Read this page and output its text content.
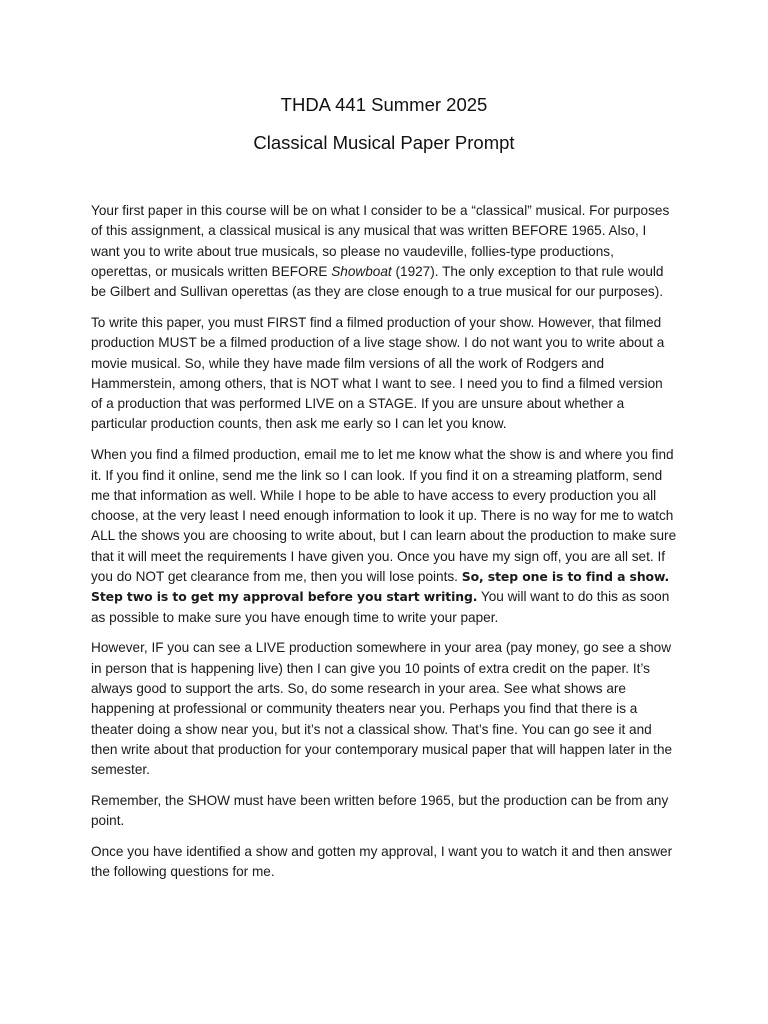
THDA 441 Summer 2025
Classical Musical Paper Prompt

Your first paper in this course will be on what I consider to be a “classical” musical. For purposes of this assignment, a classical musical is any musical that was written BEFORE 1965. Also, I want you to write about true musicals, so please no vaudeville, follies-type productions, operettas, or musicals written BEFORE Showboat (1927). The only exception to that rule would be Gilbert and Sullivan operettas (as they are close enough to a true musical for our purposes).

To write this paper, you must FIRST find a filmed production of your show. However, that filmed production MUST be a filmed production of a live stage show. I do not want you to write about a movie musical. So, while they have made film versions of all the work of Rodgers and Hammerstein, among others, that is NOT what I want to see. I need you to find a filmed version of a production that was performed LIVE on a STAGE. If you are unsure about whether a particular production counts, then ask me early so I can let you know.

When you find a filmed production, email me to let me know what the show is and where you find it. If you find it online, send me the link so I can look. If you find it on a streaming platform, send me that information as well. While I hope to be able to have access to every production you all choose, at the very least I need enough information to look it up. There is no way for me to watch ALL the shows you are choosing to write about, but I can learn about the production to make sure that it will meet the requirements I have given you. Once you have my sign off, you are all set. If you do NOT get clearance from me, then you will lose points. So, step one is to find a show. Step two is to get my approval before you start writing. You will want to do this as soon as possible to make sure you have enough time to write your paper.

However, IF you can see a LIVE production somewhere in your area (pay money, go see a show in person that is happening live) then I can give you 10 points of extra credit on the paper. It’s always good to support the arts. So, do some research in your area. See what shows are happening at professional or community theaters near you. Perhaps you find that there is a theater doing a show near you, but it’s not a classical show. That’s fine. You can go see it and then write about that production for your contemporary musical paper that will happen later in the semester.

Remember, the SHOW must have been written before 1965, but the production can be from any point.

Once you have identified a show and gotten my approval, I want you to watch it and then answer the following questions for me.
